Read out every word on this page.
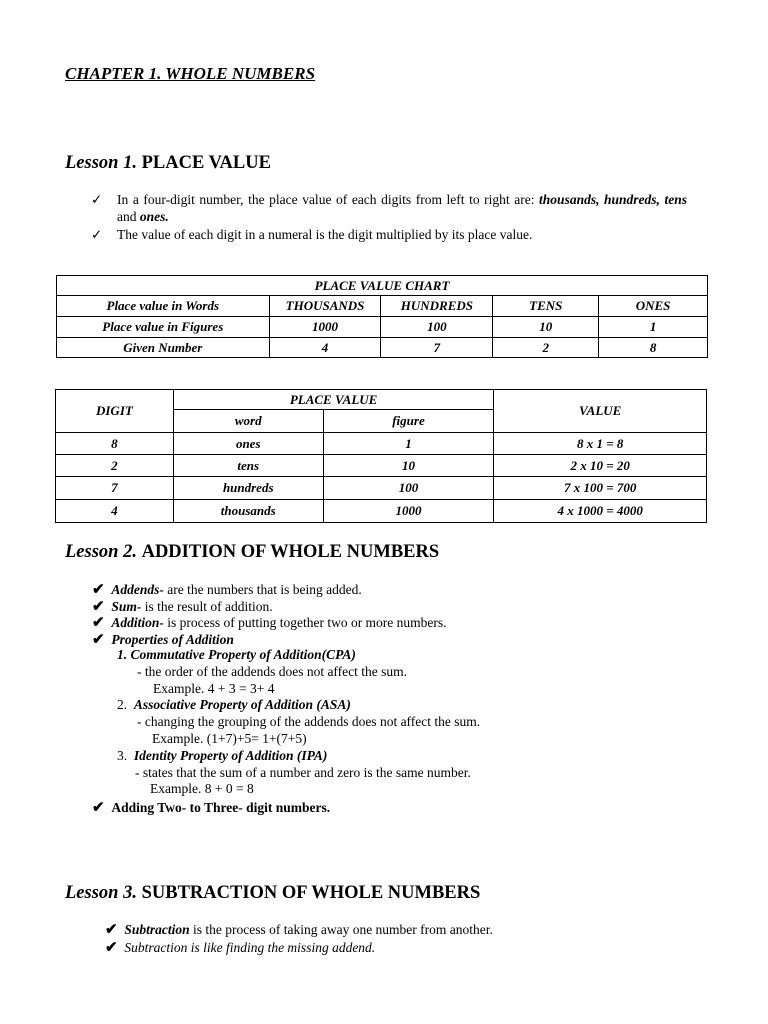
CHAPTER 1. WHOLE NUMBERS
Lesson 1. PLACE VALUE
✓ In a four-digit number, the place value of each digits from left to right are: thousands, hundreds, tens and ones.
✓ The value of each digit in a numeral is the digit multiplied by its place value.
PLACE VALUE CHART				
Place value in Words	THOUSANDS	HUNDREDS	TENS	ONES
Place value in Figures	1000	100	10	1
Given Number	4	7	2	8
DIGIT	PLACE VALUE		VALUE
	word	figure	
8	ones	1	8 x 1 = 8
2	tens	10	2 x 10 = 20
7	hundreds	100	7 x 100 = 700
4	thousands	1000	4 x 1000 = 4000
Lesson 2. ADDITION OF WHOLE NUMBERS
✔ Addends- are the numbers that is being added.
✔ Sum- is the result of addition.
✔ Addition- is process of putting together two or more numbers.
✔ Properties of Addition
1. Commutative Property of Addition(CPA)
- the order of the addends does not affect the sum.
Example. 4 + 3 = 3+ 4
2. Associative Property of Addition (ASA)
- changing the grouping of the addends does not affect the sum.
Example. (1+7)+5= 1+(7+5)
3. Identity Property of Addition (IPA)
- states that the sum of a number and zero is the same number.
Example. 8 + 0 = 8
✔ Adding Two- to Three- digit numbers.
Lesson 3. SUBTRACTION OF WHOLE NUMBERS
✔ Subtraction is the process of taking away one number from another.
✔ Subtraction is like finding the missing addend.
